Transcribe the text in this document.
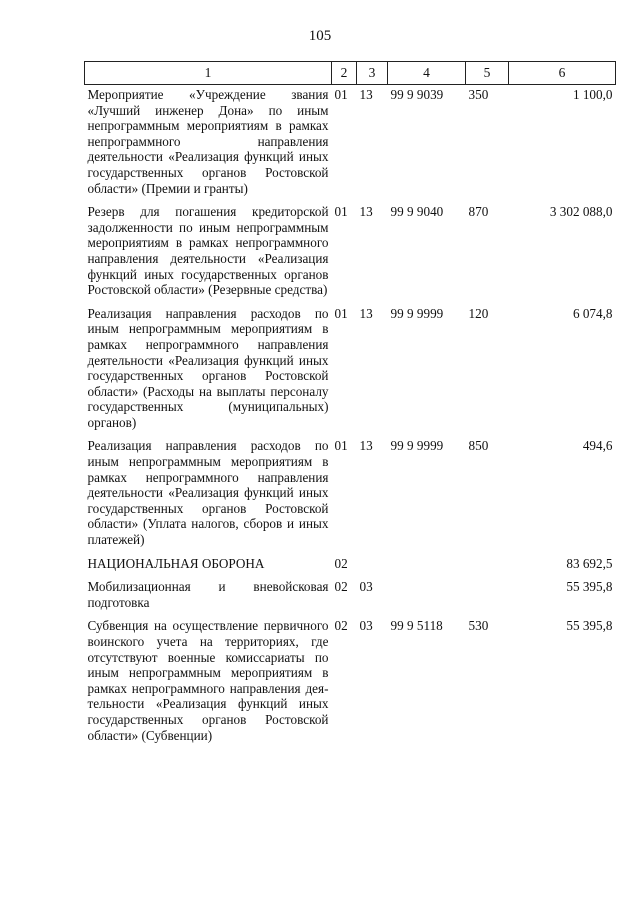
105
1	2	3	4	5	6
Мероприятие «Учреждение звания «Лучший инженер Дона» по иным непрограммным мероприятиям в рамках непрограммного направления деятельности «Реализация функций иных государственных органов Ростовской области» (Премии и гранты)	01	13	99 9 9039	350	1 100,0
Резерв для погашения кредиторской задолженности по иным непрограммным мероприятиям в рамках непрограммного направления деятельности «Реализация функций иных государственных органов Ростовской области» (Резервные средства)	01	13	99 9 9040	870	3 302 088,0
Реализация направления расходов по иным непрограммным мероприятиям в рамках непрограммного направления деятельности «Реализация функций иных государственных органов Ростовской области» (Расходы на выплаты персоналу государственных (муниципальных) органов)	01	13	99 9 9999	120	6 074,8
Реализация направления расходов по иным непрограммным мероприятиям в рамках непрограммного направления деятельности «Реализация функций иных государственных органов Ростовской области» (Уплата налогов, сборов и иных платежей)	01	13	99 9 9999	850	494,6
НАЦИОНАЛЬНАЯ ОБОРОНА	02				83 692,5
Мобилизационная и вневойсковая подготовка	02	03			55 395,8
Субвенция на осуществление первичного воинского учета на территориях, где отсутствуют военные комиссариаты по иным непрограммным мероприятиям в рамках непрограммного направления деятельности «Реализация функций иных государственных органов Ростовской области» (Субвенции)	02	03	99 9 5118	530	55 395,8
